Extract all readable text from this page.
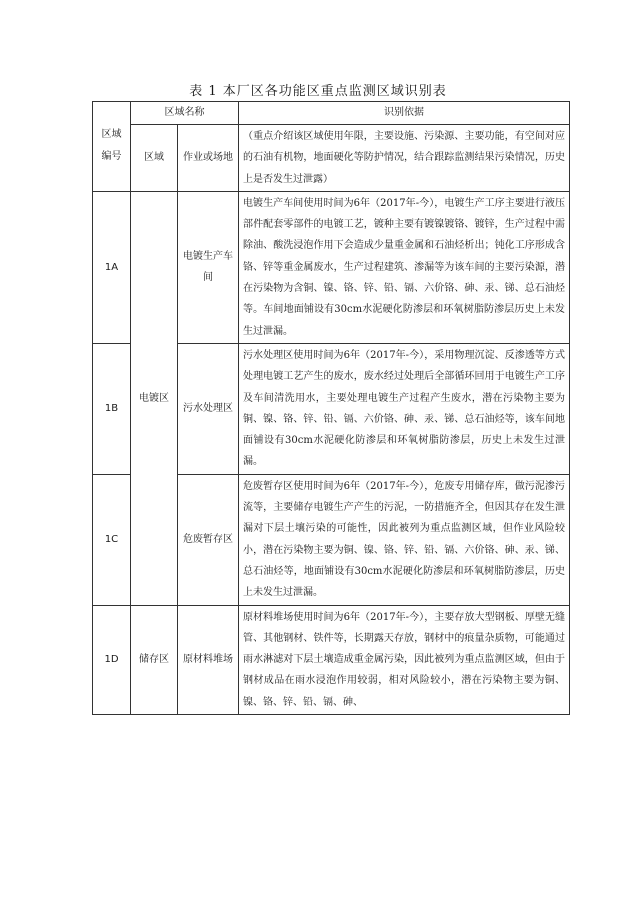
表 1 本厂区各功能区重点监测区域识别表
区域编号	区域名称		识别依据
	区域	作业或场地	（重点介绍该区域使用年限，主要设施、污染源、主要功能，有空间对应的石油有机物，地面硬化等防护情况，结合跟踪监测结果污染情况，历史上是否发生过泄露）
1A	电镀区	电镀生产车间	电镀生产车间使用时间为6年（2017年-今），电镀生产工序主要进行液压部件配套零部件的电镀工艺，镀种主要有镀镍镀铬、镀锌，生产过程中需除油、酸洗浸泡作用下会造成少量重金属和石油烃析出；钝化工序形成含铬、锌等重金属废水，生产过程建筑、渗漏等为该车间的主要污染源，潜在污染物为含铜、镍、铬、锌、铅、镉、六价铬、砷、汞、锑、总石油烃等。车间地面铺设有30cm水泥硬化防渗层和环氧树脂防渗层历史上未发生过泄漏。
1B		污水处理区	污水处理区使用时间为6年（2017年-今），采用物理沉淀、反渗透等方式处理电镀工艺产生的废水，废水经过处理后全部循环回用于电镀生产工序及车间清洗用水，主要处理电镀生产过程产生废水，潜在污染物主要为铜、镍、铬、锌、铅、镉、六价铬、砷、汞、锑、总石油烃等，该车间地面铺设有30cm水泥硬化防渗层和环氧树脂防渗层，历史上未发生过泄漏。
1C		危废暂存区	危废暂存区使用时间为6年（2017年-今），危废专用储存库，做污泥渗污流等，主要储存电镀生产产生的污泥，一防措施齐全，但因其存在发生泄漏对下层土壤污染的可能性，因此被列为重点监测区域，但作业风险较小，潜在污染物主要为铜、镍、铬、锌、铅、镉、六价铬、砷、汞、锑、总石油烃等，地面铺设有30cm水泥硬化防渗层和环氧树脂防渗层，历史上未发生过泄漏。
1D	储存区	原材料堆场	原材料堆场使用时间为6年（2017年-今），主要存放大型钢板、厚壁无缝管、其他钢材、铁件等，长期露天存放，钢材中的痕量杂质物，可能通过雨水淋滤对下层土壤造成重金属污染，因此被列为重点监测区域，但由于钢材成品在雨水浸泡作用较弱，相对风险较小，潜在污染物主要为铜、镍、铬、锌、铅、镉、砷、
